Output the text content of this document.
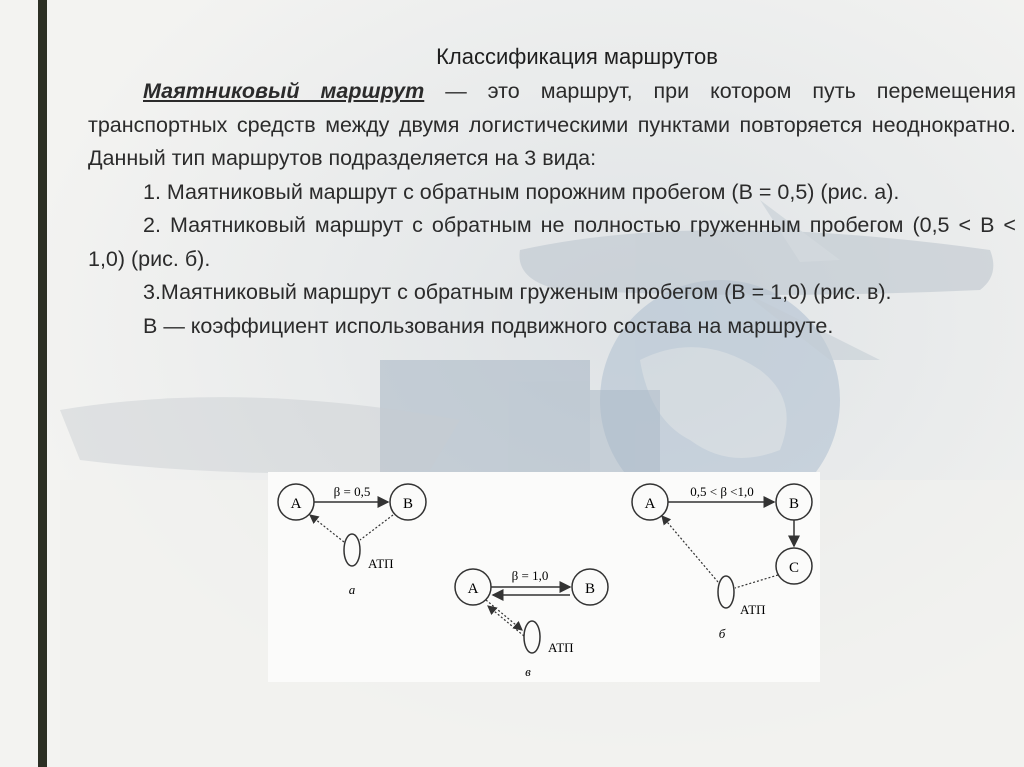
Классификация маршрутов

Маятниковый маршрут — это маршрут, при котором путь перемещения транспортных средств между двумя логистическими пунктами повторяется неоднократно. Данный тип маршрутов подразделяется на 3 вида:

1. Маятниковый маршрут с обратным порожним пробегом (В = 0,5) (рис. а).

2. Маятниковый маршрут с обратным не полностью груженным пробегом (0,5 < В < 1,0) (рис. б).

3.Маятниковый маршрут с обратным груженым пробегом (В = 1,0) (рис. в).

В — коэффициент использования подвижного состава на маршруте.

А	В
β = 0,5
АТП
а	А	В
β = 1,0
АТП
в
А	В
0,5 < β <1,0
С
АТП
б
